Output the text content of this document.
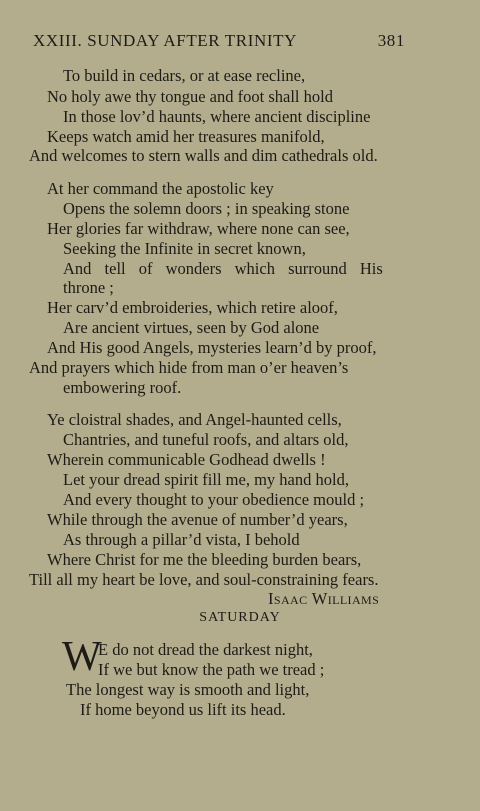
XXIII. SUNDAY AFTER TRINITY	381
To build in cedars, or at ease recline,
No holy awe thy tongue and foot shall hold
In those lov’d haunts, where ancient discipline
Keeps watch amid her treasures manifold,
And welcomes to stern walls and dim cathedrals old.
At her command the apostolic key
Opens the solemn doors ; in speaking stone
Her glories far withdraw, where none can see,
Seeking the Infinite in secret known,
And tell of wonders which surround His
throne ;
Her carv’d embroideries, which retire aloof,
Are ancient virtues, seen by God alone
And His good Angels, mysteries learn’d by proof,
And prayers which hide from man o’er heaven’s
embowering roof.
Ye cloistral shades, and Angel-haunted cells,
Chantries, and tuneful roofs, and altars old,
Wherein communicable Godhead dwells !
Let your dread spirit fill me, my hand hold,
And every thought to your obedience mould ;
While through the avenue of number’d years,
As through a pillar’d vista, I behold
Where Christ for me the bleeding burden bears,
Till all my heart be love, and soul-constraining fears.
Isaac Williams
SATURDAY
W
E do not dread the darkest night,
If we but know the path we tread ;
The longest way is smooth and light,
If home beyond us lift its head.
